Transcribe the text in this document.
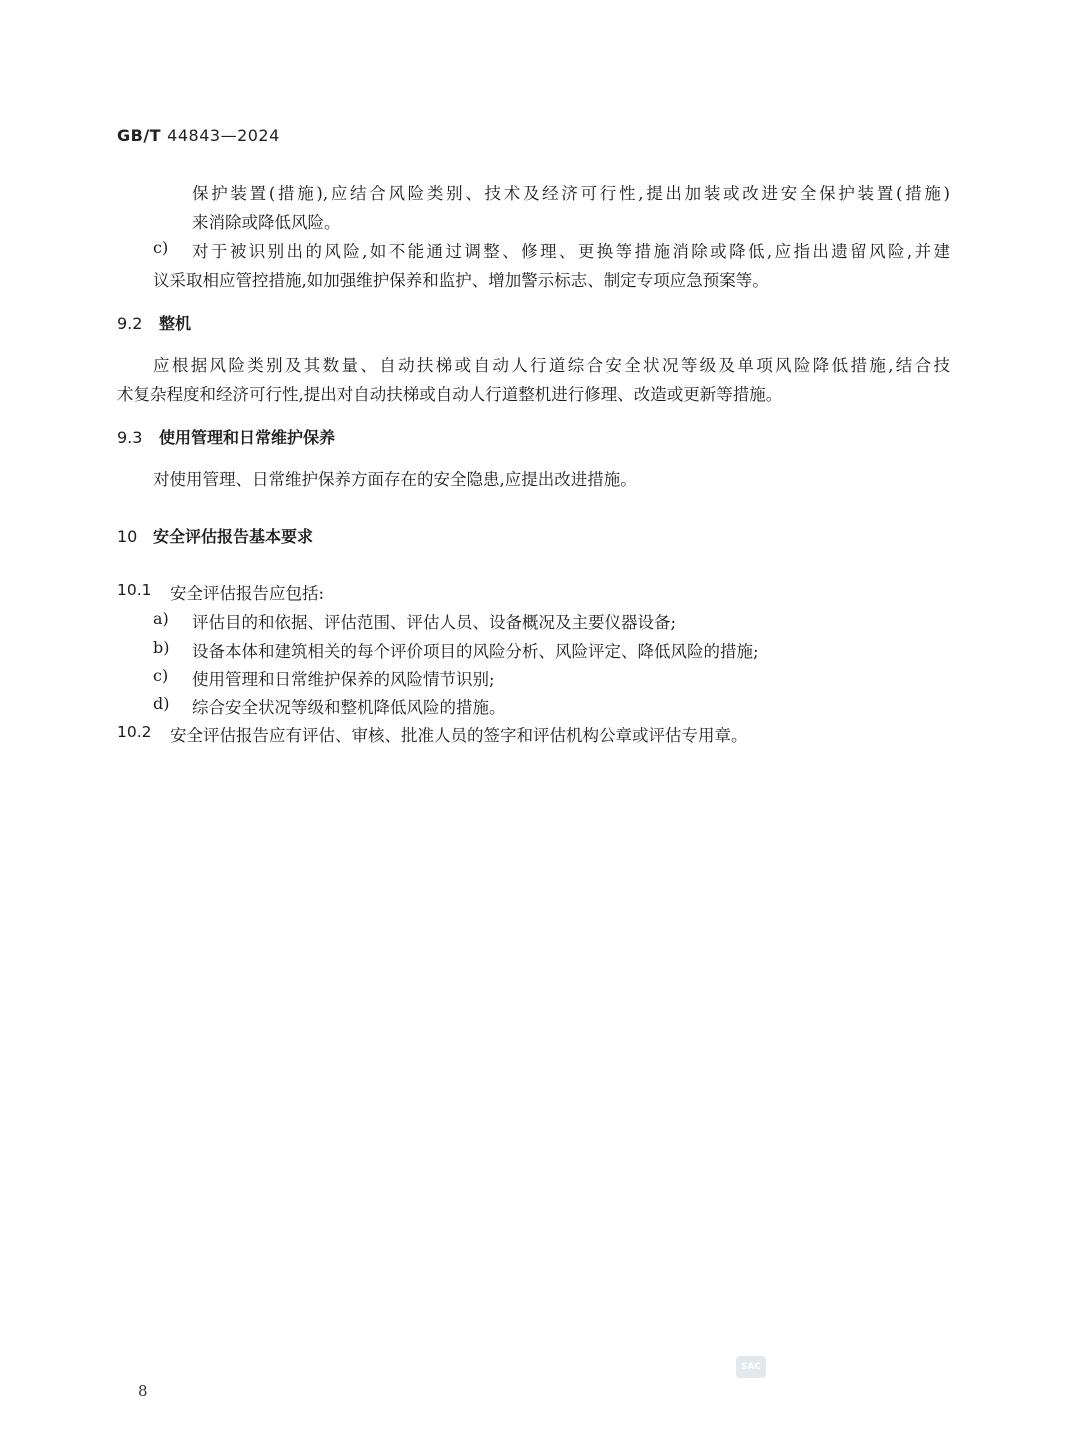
GB/T 44843—2024
保护装置(措施),应结合风险类别、技术及经济可行性,提出加装或改进安全保护装置(措施)
来消除或降低风险。
c) 对于被识别出的风险,如不能通过调整、修理、更换等措施消除或降低,应指出遗留风险,并建
议采取相应管控措施,如加强维护保养和监护、增加警示标志、制定专项应急预案等。
9.2 整机
应根据风险类别及其数量、自动扶梯或自动人行道综合安全状况等级及单项风险降低措施,结合技
术复杂程度和经济可行性,提出对自动扶梯或自动人行道整机进行修理、改造或更新等措施。
9.3 使用管理和日常维护保养
对使用管理、日常维护保养方面存在的安全隐患,应提出改进措施。
10 安全评估报告基本要求
10.1 安全评估报告应包括:
a) 评估目的和依据、评估范围、评估人员、设备概况及主要仪器设备;
b) 设备本体和建筑相关的每个评价项目的风险分析、风险评定、降低风险的措施;
c) 使用管理和日常维护保养的风险情节识别;
d) 综合安全状况等级和整机降低风险的措施。
10.2 安全评估报告应有评估、审核、批准人员的签字和评估机构公章或评估专用章。
SAC
8
